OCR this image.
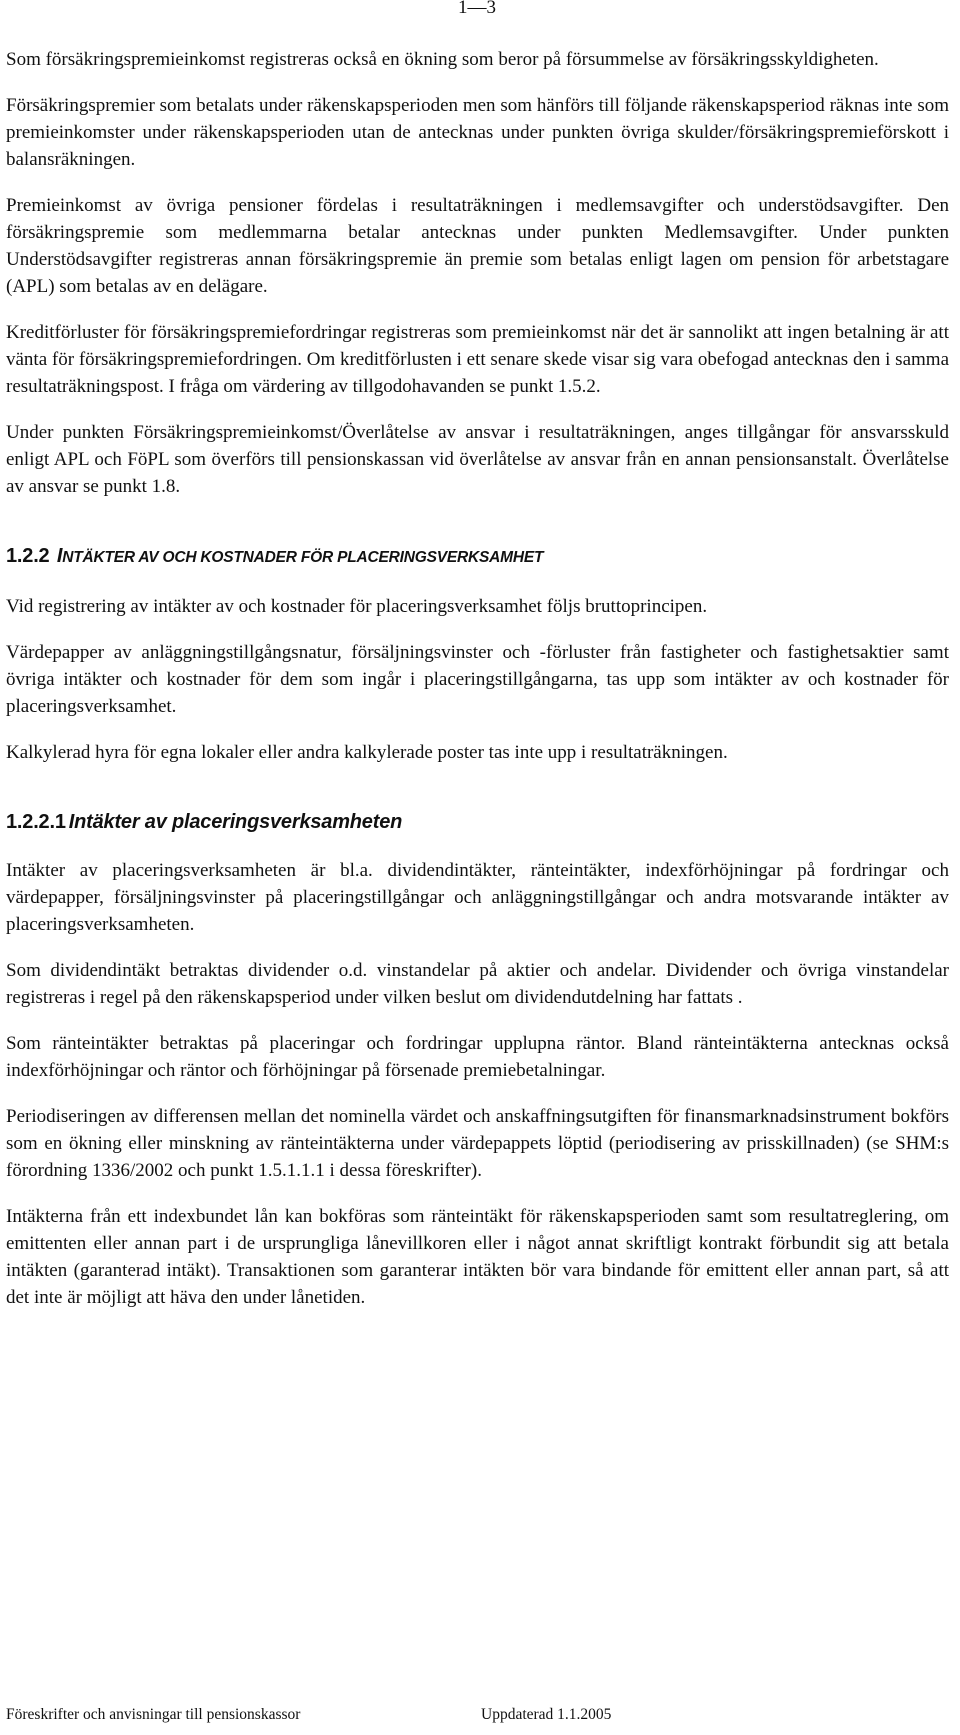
1—3

Som försäkringspremieinkomst registreras också en ökning som beror på försummelse av försäkringsskyldigheten.

Försäkringspremier som betalats under räkenskapsperioden men som hänförs till följande räkenskapsperiod räknas inte som premieinkomster under räkenskapsperioden utan de antecknas under punkten övriga skulder/försäkringspremieförskott i balansräkningen.

Premieinkomst av övriga pensioner fördelas i resultaträkningen i medlemsavgifter och understödsavgifter. Den försäkringspremie som medlemmarna betalar antecknas under punkten Medlemsavgifter. Under punkten Understödsavgifter registreras annan försäkringspremie än premie som betalas enligt lagen om pension för arbetstagare (APL) som betalas av en delägare.

Kreditförluster för försäkringspremiefordringar registreras som premieinkomst när det är sannolikt att ingen betalning är att vänta för försäkringspremiefordringen. Om kreditförlusten i ett senare skede visar sig vara obefogad antecknas den i samma resultaträkningspost. I fråga om värdering av tillgodohavanden se punkt 1.5.2.

Under punkten Försäkringspremieinkomst/Överlåtelse av ansvar i resultaträkningen, anges tillgångar för ansvarsskuld enligt APL och FöPL som överförs till pensionskassan vid överlåtelse av ansvar från en annan pensionsanstalt. Överlåtelse av ansvar se punkt 1.8.

1.2.2 INTÄKTER AV OCH KOSTNADER FÖR PLACERINGSVERKSAMHET

Vid registrering av intäkter av och kostnader för placeringsverksamhet följs bruttoprincipen.

Värdepapper av anläggningstillgångsnatur, försäljningsvinster och -förluster från fastigheter och fastighetsaktier samt övriga intäkter och kostnader för dem som ingår i placeringstillgångarna, tas upp som intäkter av och kostnader för placeringsverksamhet.

Kalkylerad hyra för egna lokaler eller andra kalkylerade poster tas inte upp i resultaträkningen.

1.2.2.1 Intäkter av placeringsverksamheten

Intäkter av placeringsverksamheten är bl.a. dividendintäkter, ränteintäkter, indexförhöjningar på fordringar och värdepapper, försäljningsvinster på placeringstillgångar och anläggningstillgångar och andra motsvarande intäkter av placeringsverksamheten.

Som dividendintäkt betraktas dividender o.d. vinstandelar på aktier och andelar. Dividender och övriga vinstandelar registreras i regel på den räkenskapsperiod under vilken beslut om dividendutdelning har fattats .

Som ränteintäkter betraktas på placeringar och fordringar upplupna räntor. Bland ränteintäkterna antecknas också indexförhöjningar och räntor och förhöjningar på försenade premiebetalningar.

Periodiseringen av differensen mellan det nominella värdet och anskaffningsutgiften för finansmarknadsinstrument bokförs som en ökning eller minskning av ränteintäkterna under värdepappets löptid (periodisering av prisskillnaden) (se SHM:s förordning 1336/2002 och punkt 1.5.1.1.1 i dessa föreskrifter).

Intäkterna från ett indexbundet lån kan bokföras som ränteintäkt för räkenskapsperioden samt som resultatreglering, om emittenten eller annan part i de ursprungliga lånevillkoren eller i något annat skriftligt kontrakt förbundit sig att betala intäkten (garanterad intäkt). Transaktionen som garanterar intäkten bör vara bindande för emittent eller annan part, så att det inte är möjligt att häva den under lånetiden.

Föreskrifter och anvisningar till pensionskassor	Uppdaterad 1.1.2005
